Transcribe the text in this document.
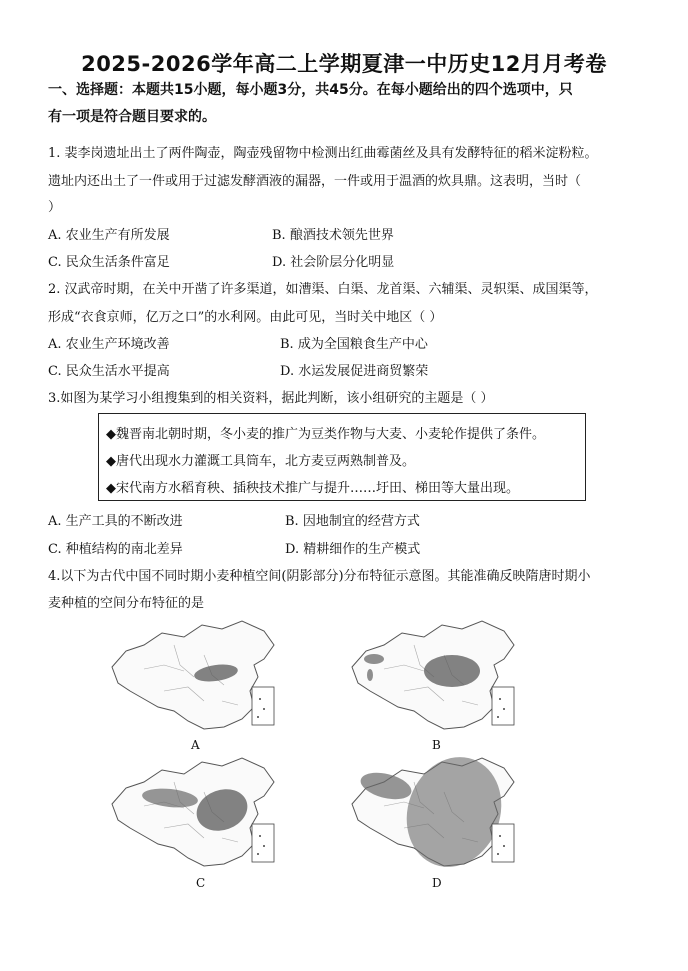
2025-2026学年高二上学期夏津一中历史12月月考卷
一、选择题：本题共15小题，每小题3分，共45分。在每小题给出的四个选项中，只
有一项是符合题目要求的。
1. 裴李岗遗址出土了两件陶壶，陶壶残留物中检测出红曲霉菌丝及具有发酵特征的稻米淀粉粒。
遗址内还出土了一件或用于过滤发酵酒液的漏器，一件或用于温酒的炊具鼎。这表明，当时（
）
A. 农业生产有所发展	B. 酿酒技术领先世界
C. 民众生活条件富足	D. 社会阶层分化明显
2. 汉武帝时期，在关中开凿了许多渠道，如漕渠、白渠、龙首渠、六辅渠、灵轵渠、成国渠等，
形成“衣食京师，亿万之口”的水利网。由此可见，当时关中地区（ ）
A. 农业生产环境改善	B. 成为全国粮食生产中心
C. 民众生活水平提高	D. 水运发展促进商贸繁荣
3.如图为某学习小组搜集到的相关资料，据此判断，该小组研究的主题是（ ）
◆魏晋南北朝时期，冬小麦的推广为豆类作物与大麦、小麦轮作提供了条件。
◆唐代出现水力灌溉工具筒车，北方麦豆两熟制普及。
◆宋代南方水稻育秧、插秧技术推广与提升……圩田、梯田等大量出现。
A. 生产工具的不断改进	B. 因地制宜的经营方式
C. 种植结构的南北差异	D. 精耕细作的生产模式
4.以下为古代中国不同时期小麦种植空间(阴影部分)分布特征示意图。其能准确反映隋唐时期小
麦种植的空间分布特征的是
A	B
C	D
